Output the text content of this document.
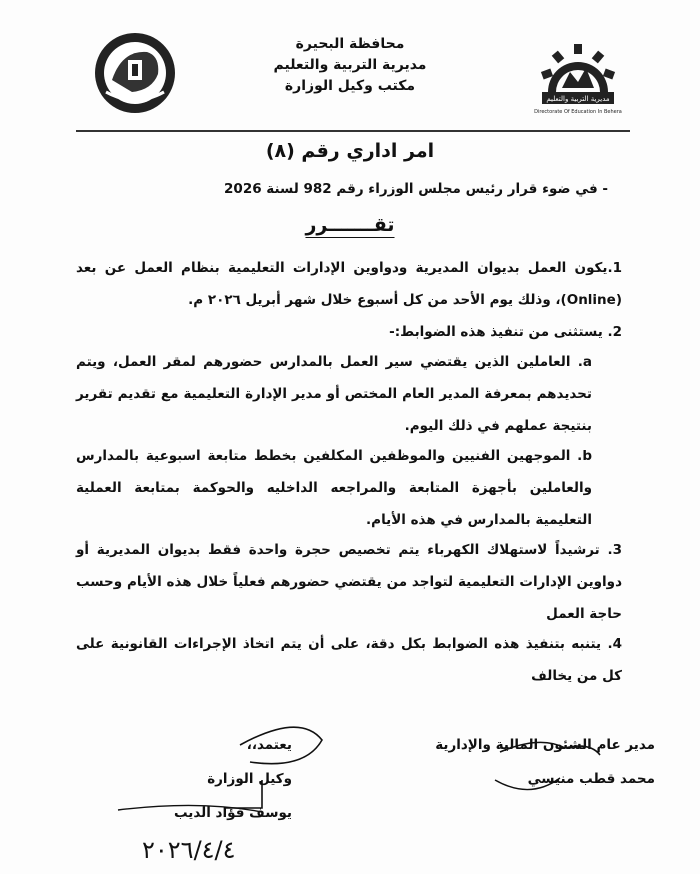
مديرية التربية والتعليم
Directorate Of Education In Behera
محافظة البحيرة
مديرية التربية والتعليم
مكتب وكيل الوزارة
امر اداري رقم (٨)
- في ضوء قرار رئيس مجلس الوزراء رقم 982 لسنة 2026
تقـــــــرر
1.يكون العمل بديوان المديرية ودواوين الإدارات التعليمية بنظام العمل عن بعد (Online)، وذلك يوم الأحد من كل أسبوع خلال شهر أبريل ٢٠٢٦ م.
2. يستثنى من تنفيذ هذه الضوابط:-
a. العاملين الذين يقتضي سير العمل بالمدارس حضورهم لمقر العمل، ويتم تحديدهم بمعرفة المدير العام المختص أو مدير الإدارة التعليمية مع تقديم تقرير بنتيجة عملهم في ذلك اليوم.
b. الموجهين الفنيين والموظفين المكلفين بخطط متابعة اسبوعية بالمدارس والعاملين بأجهزة المتابعة والمراجعه الداخليه والحوكمة بمتابعة العملية التعليمية بالمدارس في هذه الأيام.
3. ترشيداً لاستهلاك الكهرباء يتم تخصيص حجرة واحدة فقط بديوان المديرية أو دواوين الإدارات التعليمية لتواجد من يقتضي حضورهم فعلياً خلال هذه الأيام وحسب حاجة العمل
4. يتنبه بتنفيذ هذه الضوابط بكل دقة، على أن يتم اتخاذ الإجراءات القانونية على كل من يخالف
مدير عام الشئون المالية والإدارية
محمد قطب منيسي
يعتمد،،
وكيل الوزارة
يوسف فؤاد الديب
٢٠٢٦/٤/٤
